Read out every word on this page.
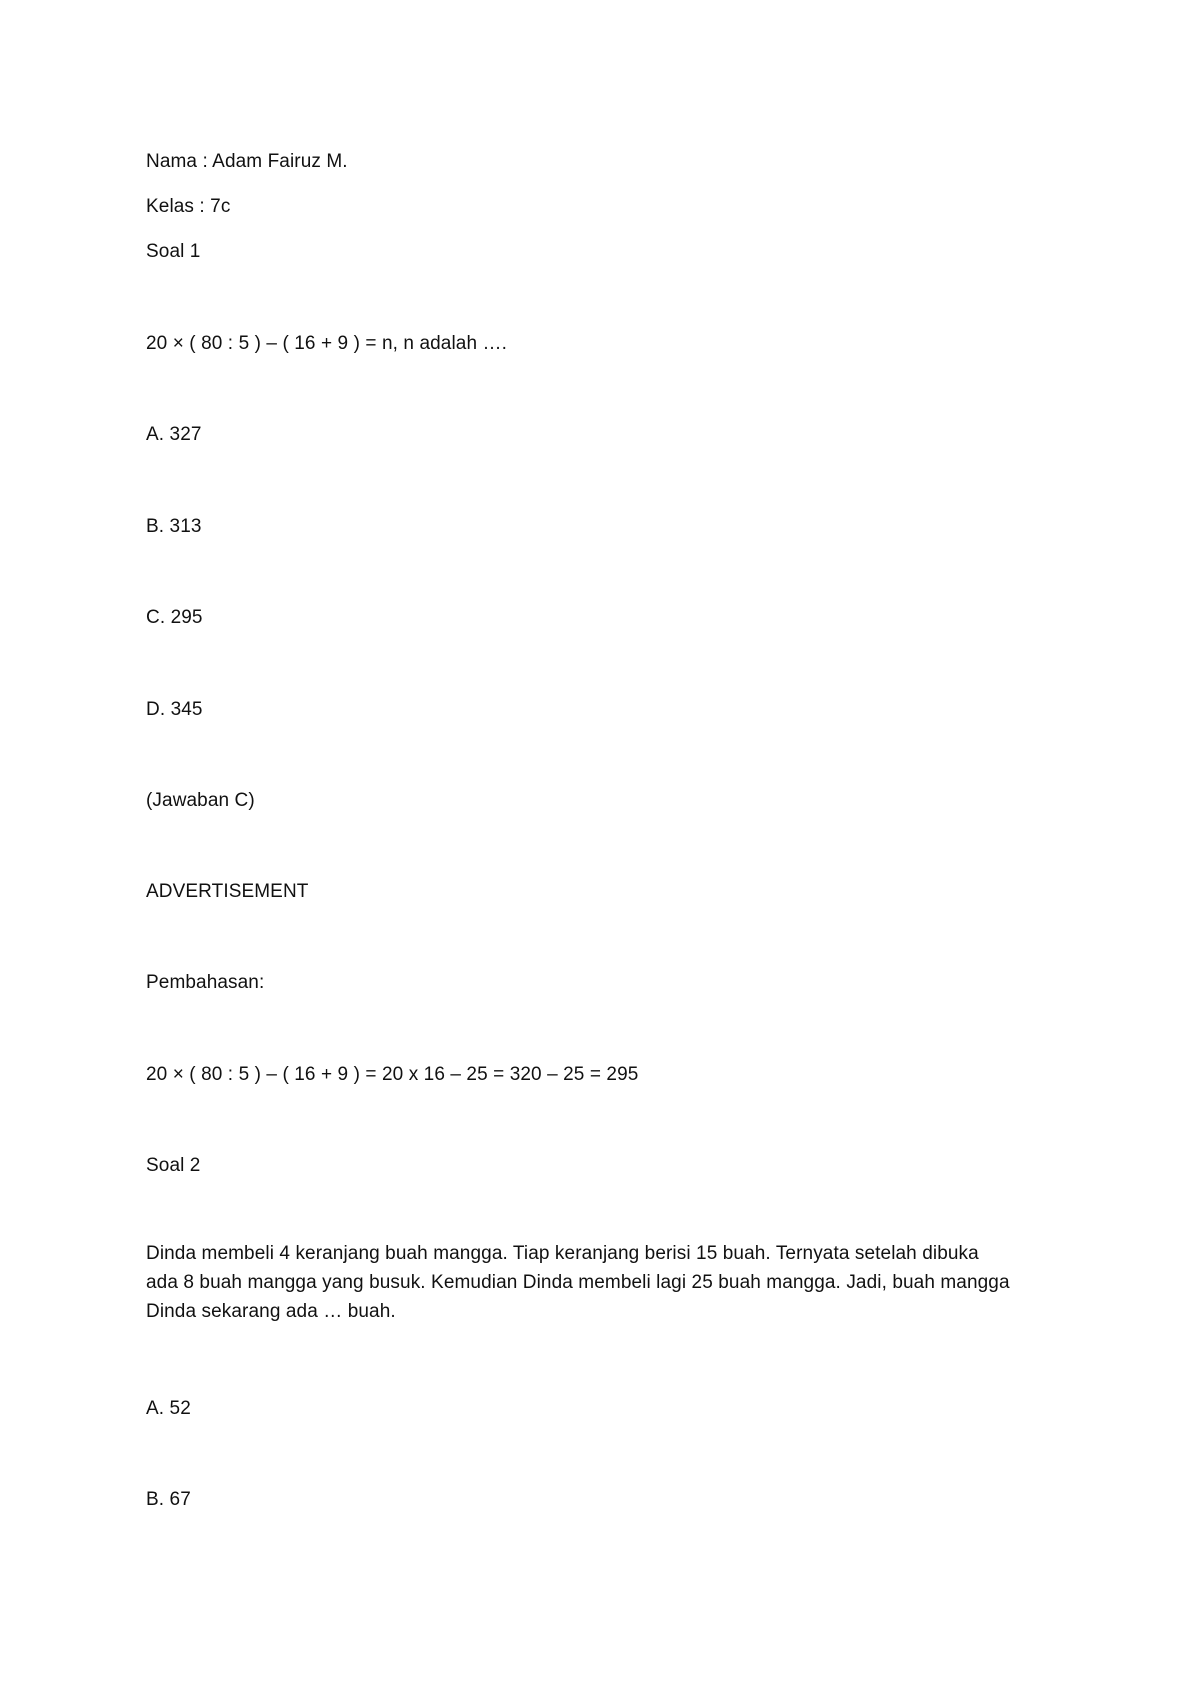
Nama : Adam Fairuz M.
Kelas : 7c
Soal 1
20 × ( 80 : 5 ) – ( 16 + 9 ) = n, n adalah ….
A. 327
B. 313
C. 295
D. 345
(Jawaban C)
ADVERTISEMENT
Pembahasan:
20 × ( 80 : 5 ) – ( 16 + 9 ) = 20 x 16 – 25 = 320 – 25 = 295
Soal 2
Dinda membeli 4 keranjang buah mangga. Tiap keranjang berisi 15 buah. Ternyata setelah dibuka
ada 8 buah mangga yang busuk. Kemudian Dinda membeli lagi 25 buah mangga. Jadi, buah mangga
Dinda sekarang ada … buah.
A. 52
B. 67
